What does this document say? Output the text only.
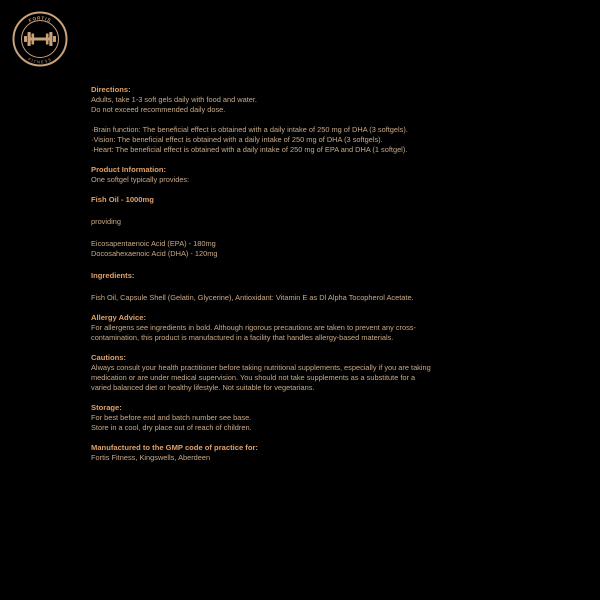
FORTIS
FITNESS

Directions:

Adults, take 1-3 soft gels daily with food and water.

Do not exceed recommended daily dose.

·Brain function: The beneficial effect is obtained with a daily intake of 250 mg of DHA (3 softgels).

·Vision: The beneficial effect is obtained with a daily intake of 250 mg of DHA (3 softgels).

·Heart: The beneficial effect is obtained with a daily intake of 250 mg of EPA and DHA (1 softgel).

Product Information:

One softgel typically provides:

Fish Oil - 1000mg

providing

Eicosapentaenoic Acid (EPA) - 180mg

Docosahexaenoic Acid (DHA) - 120mg

Ingredients:

Fish Oil, Capsule Shell (Gelatin, Glycerine), Antioxidant: Vitamin E as Dl Alpha Tocopherol Acetate.

Allergy Advice:

For allergens see ingredients in bold. Although rigorous precautions are taken to prevent any cross-

contamination, this product is manufactured in a facility that handles allergy-based materials.

Cautions:

Always consult your health practitioner before taking nutritional supplements, especially if you are taking

medication or are under medical supervision. You should not take supplements as a substitute for a

varied balanced diet or healthy lifestyle. Not suitable for vegetarians.

Storage:

For best before end and batch number see base.

Store in a cool, dry place out of reach of children.

Manufactured to the GMP code of practice for:

Fortis Fitness, Kingswells, Aberdeen
